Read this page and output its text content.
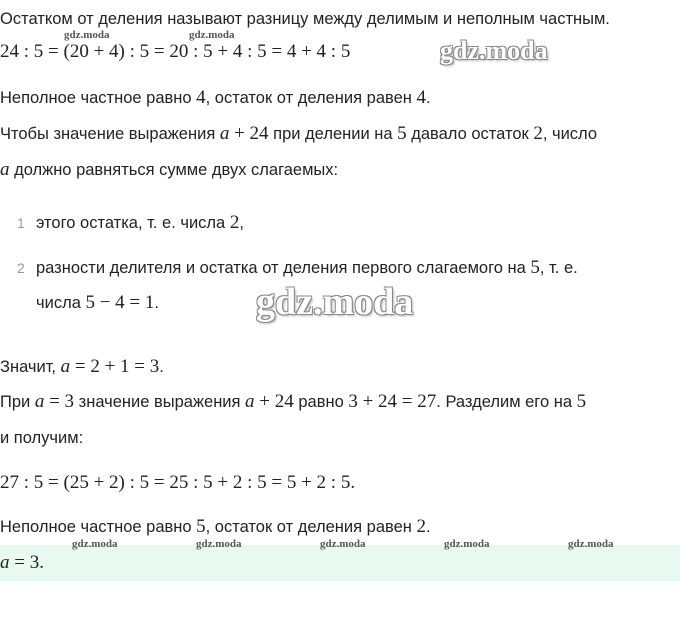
Остатком от деления называют разницу между делимым и неполным частным.
24 : 5 = (20 + 4) : 5 = 20 : 5 + 4 : 5 = 4 + 4 : 5
Неполное частное равно 4, остаток от деления равен 4.
Чтобы значение выражения a + 24 при делении на 5 давало остаток 2, число
a должно равняться сумме двух слагаемых:
1 этого остатка, т. е. числа 2,
2 разности делителя и остатка от деления первого слагаемого на 5, т. е.
числа 5 − 4 = 1.
Значит, a = 2 + 1 = 3.
При a = 3 значение выражения a + 24 равно 3 + 24 = 27. Разделим его на 5
и получим:
27 : 5 = (25 + 2) : 5 = 25 : 5 + 2 : 5 = 5 + 2 : 5.
Неполное частное равно 5, остаток от деления равен 2.
a = 3.
gdz.moda	gdz.moda
gdz.moda
gdz.moda
gdz.moda	gdz.moda	gdz.moda	gdz.moda	gdz.moda
